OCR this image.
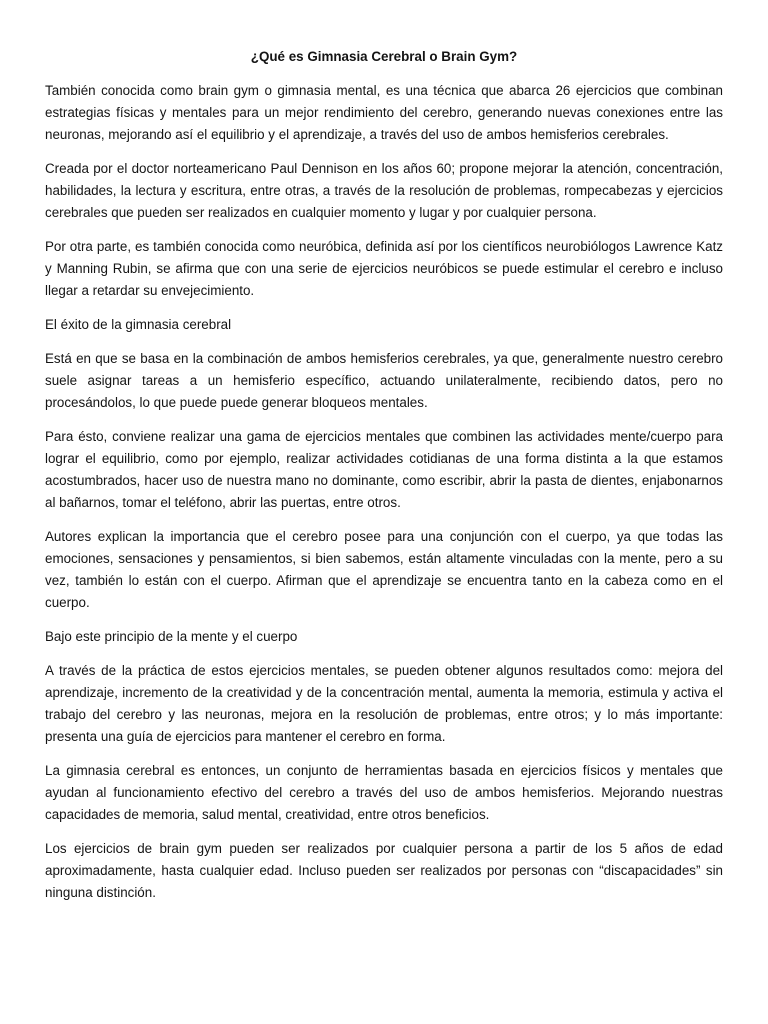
¿Qué es Gimnasia Cerebral o Brain Gym?

También conocida como brain gym o gimnasia mental, es una técnica que abarca 26 ejercicios que combinan estrategias físicas y mentales para un mejor rendimiento del cerebro, generando nuevas conexiones entre las neuronas, mejorando así el equilibrio y el aprendizaje, a través del uso de ambos hemisferios cerebrales.

Creada por el doctor norteamericano Paul Dennison en los años 60; propone mejorar la atención, concentración, habilidades, la lectura y escritura, entre otras, a través de la resolución de problemas, rompecabezas y ejercicios cerebrales que pueden ser realizados en cualquier momento y lugar y por cualquier persona.

Por otra parte, es también conocida como neuróbica, definida así por los científicos neurobiólogos Lawrence Katz y Manning Rubin, se afirma que con una serie de ejercicios neuróbicos se puede estimular el cerebro e incluso llegar a retardar su envejecimiento.

El éxito de la gimnasia cerebral

Está en que se basa en la combinación de ambos hemisferios cerebrales, ya que, generalmente nuestro cerebro suele asignar tareas a un hemisferio específico, actuando unilateralmente, recibiendo datos, pero no procesándolos, lo que puede puede generar bloqueos mentales.

Para ésto, conviene realizar una gama de ejercicios mentales que combinen las actividades mente/cuerpo para lograr el equilibrio, como por ejemplo, realizar actividades cotidianas de una forma distinta a la que estamos acostumbrados, hacer uso de nuestra mano no dominante, como escribir, abrir la pasta de dientes, enjabonarnos al bañarnos, tomar el teléfono, abrir las puertas, entre otros.

Autores explican la importancia que el cerebro posee para una conjunción con el cuerpo, ya que todas las emociones, sensaciones y pensamientos, si bien sabemos, están altamente vinculadas con la mente, pero a su vez, también lo están con el cuerpo. Afirman que el aprendizaje se encuentra tanto en la cabeza como en el cuerpo.

Bajo este principio de la mente y el cuerpo

A través de la práctica de estos ejercicios mentales, se pueden obtener algunos resultados como: mejora del aprendizaje, incremento de la creatividad y de la concentración mental, aumenta la memoria, estimula y activa el trabajo del cerebro y las neuronas, mejora en la resolución de problemas, entre otros; y lo más importante: presenta una guía de ejercicios para mantener el cerebro en forma.

La gimnasia cerebral es entonces, un conjunto de herramientas basada en ejercicios físicos y mentales que ayudan al funcionamiento efectivo del cerebro a través del uso de ambos hemisferios. Mejorando nuestras capacidades de memoria, salud mental, creatividad, entre otros beneficios.

Los ejercicios de brain gym pueden ser realizados por cualquier persona a partir de los 5 años de edad aproximadamente, hasta cualquier edad. Incluso pueden ser realizados por personas con “discapacidades” sin ninguna distinción.
